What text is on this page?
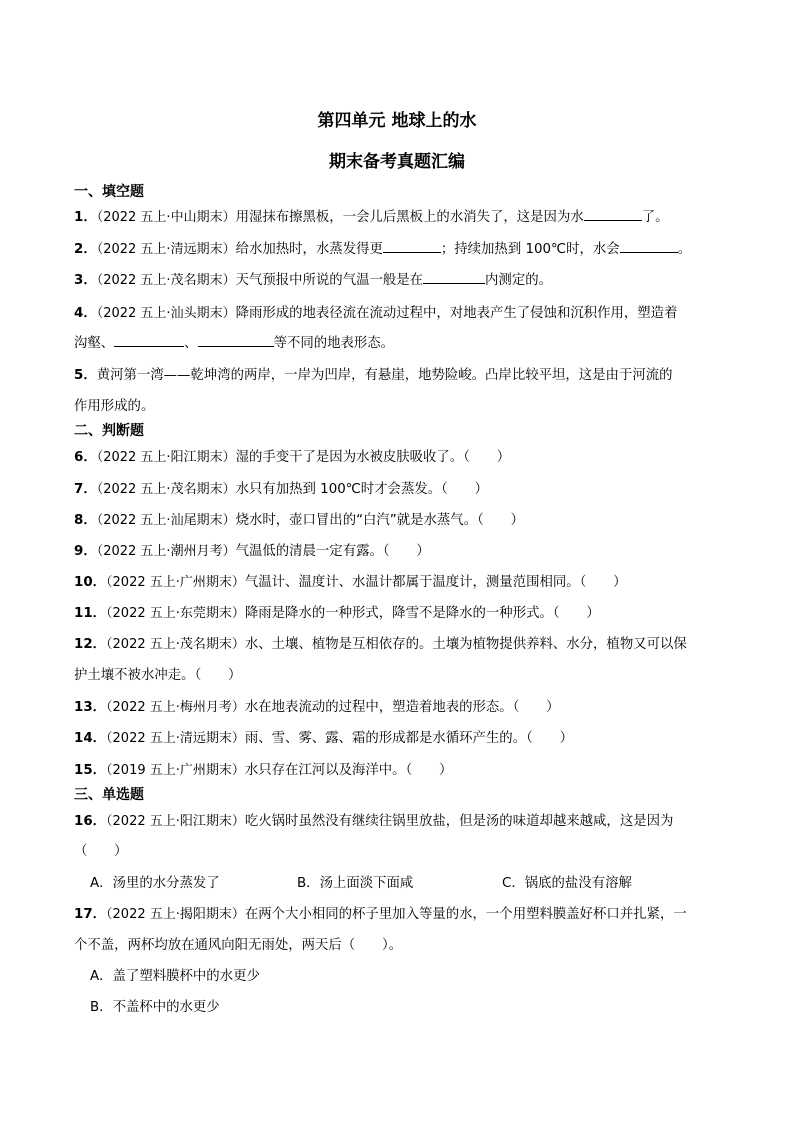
第四单元 地球上的水
期末备考真题汇编
一、填空题
1．（2022 五上·中山期末）用湿抹布擦黑板，一会儿后黑板上的水消失了，这是因为水	了。
2．（2022 五上·清远期末）给水加热时，水蒸发得更	；持续加热到 100℃时，水会	。
3．（2022 五上·茂名期末）天气预报中所说的气温一般是在	内测定的。
4．（2022 五上·汕头期末）降雨形成的地表径流在流动过程中，对地表产生了侵蚀和沉积作用，塑造着
沟壑、	、	等不同的地表形态。
5．黄河第一湾——乾坤湾的两岸，一岸为凹岸，有悬崖，地势险峻。凸岸比较平坦，这是由于河流的
作用形成的。
二、判断题
6．（2022 五上·阳江期末）湿的手变干了是因为水被皮肤吸收了。（　　）
7．（2022 五上·茂名期末）水只有加热到 100℃时才会蒸发。（　　）
8．（2022 五上·汕尾期末）烧水时，壶口冒出的“白汽”就是水蒸气。（　　）
9．（2022 五上·潮州月考）气温低的清晨一定有露。（　　）
10．（2022 五上·广州期末）气温计、温度计、水温计都属于温度计，测量范围相同。（　　）
11．（2022 五上·东莞期末）降雨是降水的一种形式，降雪不是降水的一种形式。（　　）
12．（2022 五上·茂名期末）水、土壤、植物是互相依存的。土壤为植物提供养料、水分，植物又可以保
护土壤不被水冲走。（　　）
13．（2022 五上·梅州月考）水在地表流动的过程中，塑造着地表的形态。（　　）
14．（2022 五上·清远期末）雨、雪、雾、露、霜的形成都是水循环产生的。（　　）
15．（2019 五上·广州期末）水只存在江河以及海洋中。（　　）
三、单选题
16．（2022 五上·阳江期末）吃火锅时虽然没有继续往锅里放盐，但是汤的味道却越来越咸，这是因为
（　　）
A．汤里的水分蒸发了	B．汤上面淡下面咸	C．锅底的盐没有溶解
17．（2022 五上·揭阳期末）在两个大小相同的杯子里加入等量的水，一个用塑料膜盖好杯口并扎紧，一
个不盖，两杯均放在通风向阳无雨处，两天后（　　）。
A．盖了塑料膜杯中的水更少
B．不盖杯中的水更少
